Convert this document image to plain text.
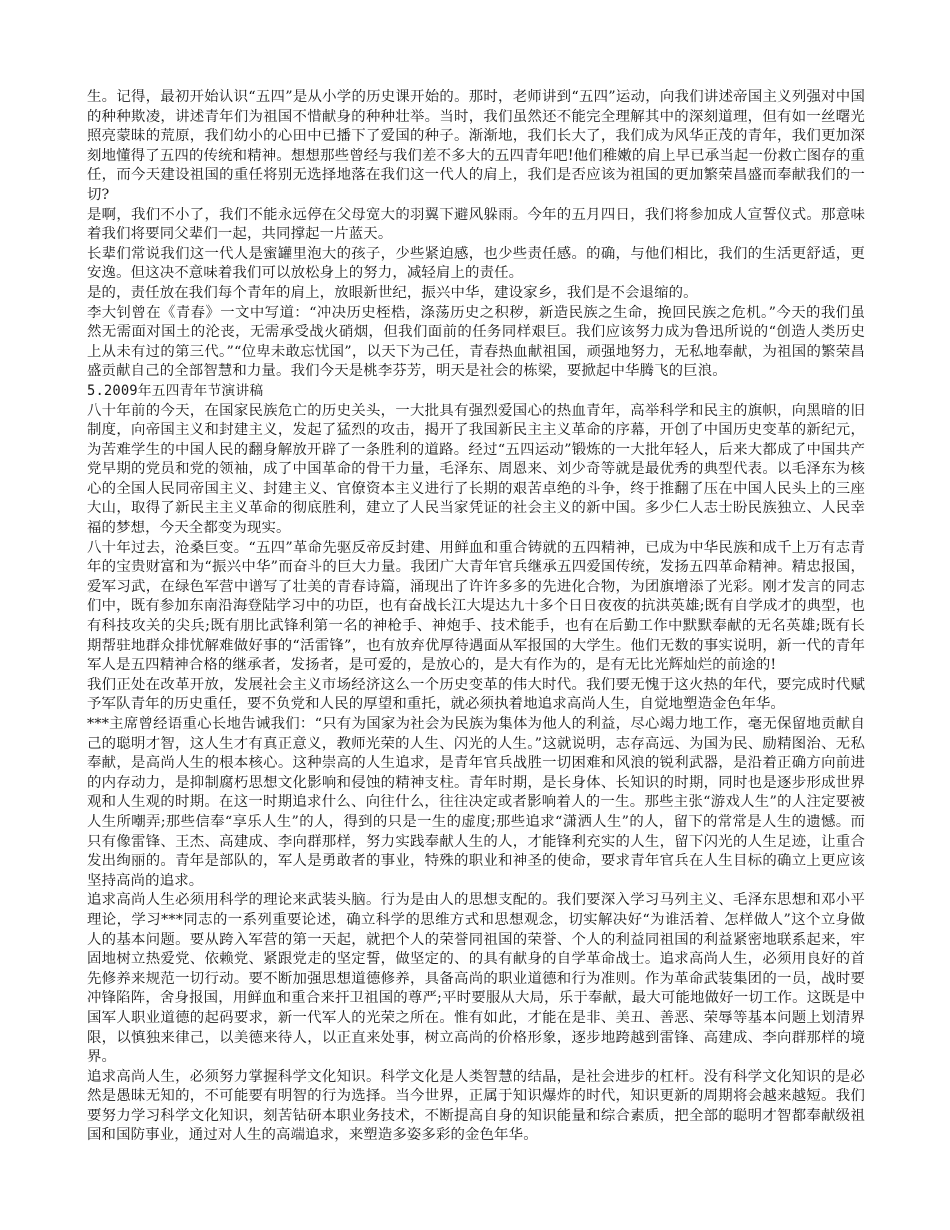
生。记得，最初开始认识“五四”是从小学的历史课开始的。那时，老师讲到“五四”运动，向我们讲述帝国主义列强对中国的种种欺凌，讲述青年们为祖国不惜献身的种种壮举。当时，我们虽然还不能完全理解其中的深刻道理，但有如一丝曙光照亮蒙昧的荒原，我们幼小的心田中已播下了爱国的种子。渐渐地，我们长大了，我们成为风华正茂的青年，我们更加深刻地懂得了五四的传统和精神。想想那些曾经与我们差不多大的五四青年吧!他们稚嫩的肩上早已承当起一份救亡图存的重任，而今天建设祖国的重任将别无选择地落在我们这一代人的肩上，我们是否应该为祖国的更加繁荣昌盛而奉献我们的一切?

是啊，我们不小了，我们不能永远停在父母宽大的羽翼下避风躲雨。今年的五月四日，我们将参加成人宣誓仪式。那意味着我们将要同父辈们一起，共同撑起一片蓝天。

长辈们常说我们这一代人是蜜罐里泡大的孩子，少些紧迫感，也少些责任感。的确，与他们相比，我们的生活更舒适，更安逸。但这决不意味着我们可以放松身上的努力，减轻肩上的责任。

是的，责任放在我们每个青年的肩上，放眼新世纪，振兴中华，建设家乡，我们是不会退缩的。

李大钊曾在《青春》一文中写道：“冲决历史桎梏，涤荡历史之积秽，新造民族之生命，挽回民族之危机。”今天的我们虽然无需面对国土的沦丧，无需承受战火硝烟，但我们面前的任务同样艰巨。我们应该努力成为鲁迅所说的“创造人类历史上从未有过的第三代。”“位卑未敢忘忧国”，以天下为己任，青春热血献祖国，顽强地努力，无私地奉献，为祖国的繁荣昌盛贡献自己的全部智慧和力量。我们今天是桃李芬芳，明天是社会的栋梁，要掀起中华腾飞的巨浪。

5.2009年五四青年节演讲稿

八十年前的今天，在国家民族危亡的历史关头，一大批具有强烈爱国心的热血青年，高举科学和民主的旗帜，向黑暗的旧制度，向帝国主义和封建主义，发起了猛烈的攻击，揭开了我国新民主主义革命的序幕，开创了中国历史变革的新纪元，为苦难学生的中国人民的翻身解放开辟了一条胜利的道路。经过“五四运动”锻炼的一大批年轻人，后来大都成了中国共产党早期的党员和党的领袖，成了中国革命的骨干力量，毛泽东、周恩来、刘少奇等就是最优秀的典型代表。以毛泽东为核心的全国人民同帝国主义、封建主义、官僚资本主义进行了长期的艰苦卓绝的斗争，终于推翻了压在中国人民头上的三座大山，取得了新民主主义革命的彻底胜利，建立了人民当家凭证的社会主义的新中国。多少仁人志士盼民族独立、人民幸福的梦想，今天全都变为现实。

八十年过去，沧桑巨变。“五四”革命先驱反帝反封建、用鲜血和重合铸就的五四精神，已成为中华民族和成千上万有志青年的宝贵财富和为“振兴中华”而奋斗的巨大力量。我团广大青年官兵继承五四爱国传统，发扬五四革命精神。精忠报国，爱军习武，在绿色军营中谱写了壮美的青春诗篇，涌现出了许许多多的先进化合物，为团旗增添了光彩。刚才发言的同志们中，既有参加东南沿海登陆学习中的功臣，也有奋战长江大堤达九十多个日日夜夜的抗洪英雄;既有自学成才的典型，也有科技攻关的尖兵;既有朋比武锋利第一名的神枪手、神炮手、技术能手，也有在后勤工作中默默奉献的无名英雄;既有长期帮驻地群众排忧解难做好事的“活雷锋”，也有放弃优厚待遇面从军报国的大学生。他们无数的事实说明，新一代的青年军人是五四精神合格的继承者，发扬者，是可爱的，是放心的，是大有作为的，是有无比光辉灿烂的前途的!

我们正处在改革开放，发展社会主义市场经济这么一个历史变革的伟大时代。我们要无愧于这火热的年代，要完成时代赋予军队青年的历史重任，要不负党和人民的厚望和重托，就必须执着地追求高尚人生，自觉地塑造金色年华。

***主席曾经语重心长地告诫我们：“只有为国家为社会为民族为集体为他人的利益，尽心竭力地工作，毫无保留地贡献自己的聪明才智，这人生才有真正意义，教师光荣的人生、闪光的人生。”这就说明，志存高远、为国为民、励精图治、无私奉献，是高尚人生的根本核心。这种崇高的人生追求，是青年官兵战胜一切困难和风浪的锐利武器，是沿着正确方向前进的内存动力，是抑制腐朽思想文化影响和侵蚀的精神支柱。青年时期，是长身体、长知识的时期，同时也是逐步形成世界观和人生观的时期。在这一时期追求什么、向往什么，往往决定或者影响着人的一生。那些主张“游戏人生”的人注定要被人生所嘲弄;那些信奉“享乐人生”的人，得到的只是一生的虚度;那些追求“潇洒人生”的人，留下的常常是人生的遗憾。而只有像雷锋、王杰、高建成、李向群那样，努力实践奉献人生的人，才能锋利充实的人生，留下闪光的人生足迹，让重合发出绚丽的。青年是部队的，军人是勇敢者的事业，特殊的职业和神圣的使命，要求青年官兵在人生目标的确立上更应该坚持高尚的追求。

追求高尚人生必须用科学的理论来武装头脑。行为是由人的思想支配的。我们要深入学习马列主义、毛泽东思想和邓小平理论，学习***同志的一系列重要论述，确立科学的思维方式和思想观念，切实解决好“为谁活着、怎样做人”这个立身做人的基本问题。要从跨入军营的第一天起，就把个人的荣誉同祖国的荣誉、个人的利益同祖国的利益紧密地联系起来，牢固地树立热爱党、依赖党、紧跟党走的坚定誓，做坚定的、的具有献身的自学革命战士。追求高尚人生，必须用良好的首先修养来规范一切行动。要不断加强思想道德修养，具备高尚的职业道德和行为准则。作为革命武装集团的一员，战时要冲锋陷阵，舍身报国，用鲜血和重合来扞卫祖国的尊严;平时要服从大局，乐于奉献，最大可能地做好一切工作。这既是中国军人职业道德的起码要求，新一代军人的光荣之所在。惟有如此，才能在是非、美丑、善恶、荣辱等基本问题上划清界限，以慎独来律己，以美德来待人，以正直来处事，树立高尚的价格形象，逐步地跨越到雷锋、高建成、李向群那样的境界。

追求高尚人生，必须努力掌握科学文化知识。科学文化是人类智慧的结晶，是社会进步的杠杆。没有科学文化知识的是必然是愚昧无知的，不可能要有明智的行为选择。当今世界，正属于知识爆炸的时代，知识更新的周期将会越来越短。我们要努力学习科学文化知识，刻苦钻研本职业务技术，不断提高自身的知识能量和综合素质，把全部的聪明才智都奉献级祖国和国防事业，通过对人生的高端追求，来塑造多姿多彩的金色年华。
